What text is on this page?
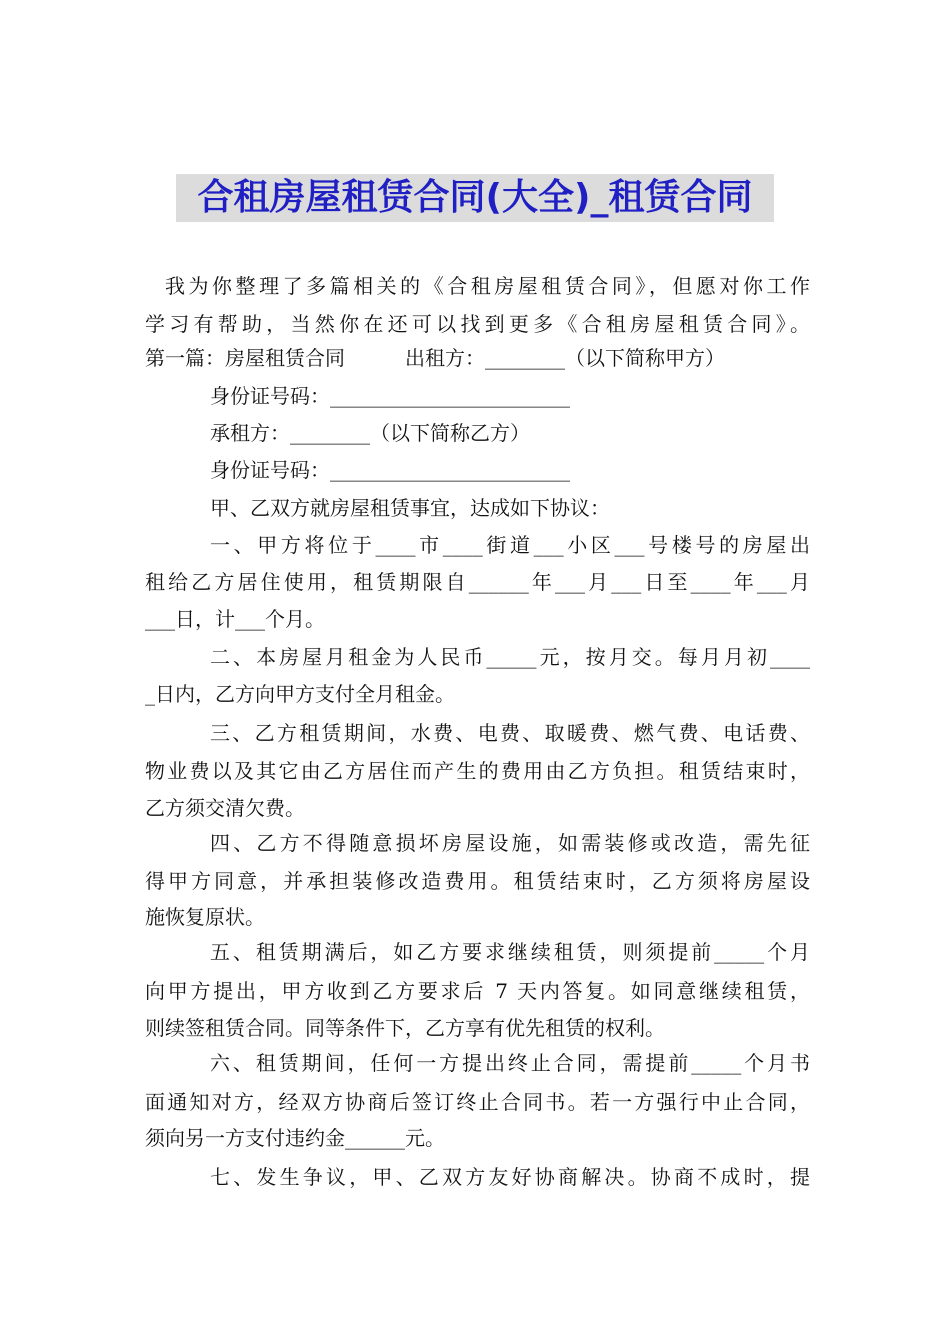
合租房屋租赁合同(大全)_租赁合同
我为你整理了多篇相关的《合租房屋租赁合同》，但愿对你工作
学习有帮助，当然你在还可以找到更多《合租房屋租赁合同》。
第一篇：房屋租赁合同　　　出租方：________（以下简称甲方）
身份证号码：________________________
承租方：________（以下简称乙方）
身份证号码：________________________
甲、乙双方就房屋租赁事宜，达成如下协议：
一、甲方将位于____市____街道___小区___号楼号的房屋出
租给乙方居住使用，租赁期限自______年___月___日至____年___月
___日，计___个月。
二、本房屋月租金为人民币_____元，按月交。每月月初____
_日内，乙方向甲方支付全月租金。
三、乙方租赁期间，水费、电费、取暖费、燃气费、电话费、
物业费以及其它由乙方居住而产生的费用由乙方负担。租赁结束时，
乙方须交清欠费。
四、乙方不得随意损坏房屋设施，如需装修或改造，需先征
得甲方同意，并承担装修改造费用。租赁结束时，乙方须将房屋设
施恢复原状。
五、租赁期满后，如乙方要求继续租赁，则须提前_____个月
向甲方提出，甲方收到乙方要求后 7 天内答复。如同意继续租赁，
则续签租赁合同。同等条件下，乙方享有优先租赁的权利。
六、租赁期间，任何一方提出终止合同，需提前_____个月书
面通知对方，经双方协商后签订终止合同书。若一方强行中止合同，
须向另一方支付违约金______元。
七、发生争议，甲、乙双方友好协商解决。协商不成时，提
